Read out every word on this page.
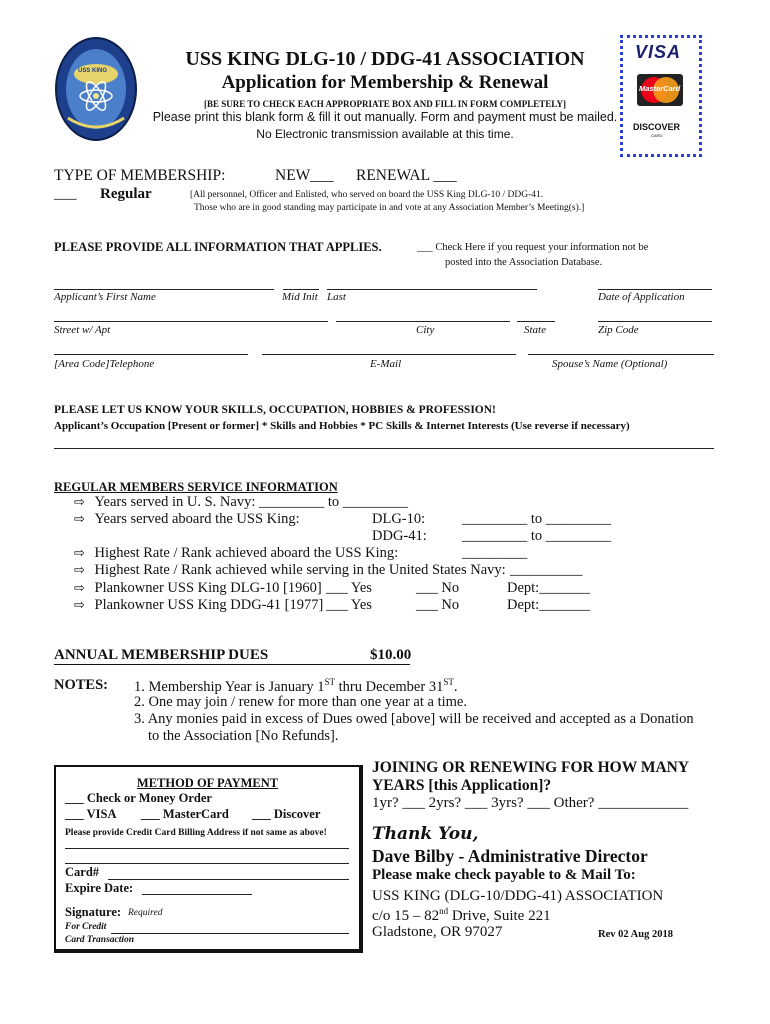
USS KING
USS KING DLG-10 / DDG-41 ASSOCIATION
Application for Membership & Renewal
[BE SURE TO CHECK EACH APPROPRIATE BOX AND FILL IN FORM COMPLETELY]
Please print this blank form & fill it out manually. Form and payment must be mailed.
No Electronic transmission available at this time.
VISA
MasterCard
DISCOVER
CARD
TYPE OF MEMBERSHIP:	NEW___ RENEWAL ___
___ Regular	[All personnel, Officer and Enlisted, who served on board the USS King DLG-10 / DDG-41.
Those who are in good standing may participate in and vote at any Association Member’s Meeting(s).]
PLEASE PROVIDE ALL INFORMATION THAT APPLIES.	___ Check Here if you request your information not be
posted into the Association Database.
Applicant’s First Name	Mid Init Last	Date of Application
Street w/ Apt	City	State	Zip Code
[Area Code]Telephone	E-Mail	Spouse’s Name (Optional)
PLEASE LET US KNOW YOUR SKILLS, OCCUPATION, HOBBIES & PROFESSION!
Applicant’s Occupation [Present or former] * Skills and Hobbies * PC Skills & Internet Interests (Use reverse if necessary)
REGULAR MEMBERS SERVICE INFORMATION
⇨ Years served in U. S. Navy: _________ to _________
⇨ Years served aboard the USS King:	DLG-10:	_________ to _________
DDG-41: _________ to _________
⇨ Highest Rate / Rank achieved aboard the USS King:	_________
⇨ Highest Rate / Rank achieved while serving in the United States Navy: __________
⇨ Plankowner USS King DLG-10 [1960] ___ Yes	___ No	Dept:_______
⇨ Plankowner USS King DDG-41 [1977] ___ Yes	___ No	Dept:_______
ANNUAL MEMBERSHIP DUES	$10.00
NOTES: 1. Membership Year is January 1ST thru December 31ST.
2. One may join / renew for more than one year at a time.
3. Any monies paid in excess of Dues owed [above] will be received and accepted as a Donation
to the Association [No Refunds].
METHOD OF PAYMENT
___ Check or Money Order
___ VISA ___ MasterCard ___ Discover
Please provide Credit Card Billing Address if not same as above!
Card#
Expire Date:
Signature: Required
For Credit
Card Transaction
JOINING OR RENEWING FOR HOW MANY
YEARS [this Application]?
1yr? ___ 2yrs? ___ 3yrs? ___ Other? ____________
Thank You,
Dave Bilby - Administrative Director
Please make check payable to & Mail To:
USS KING (DLG-10/DDG-41) ASSOCIATION
c/o 15 – 82nd Drive, Suite 221
Gladstone, OR 97027	Rev 02 Aug 2018
